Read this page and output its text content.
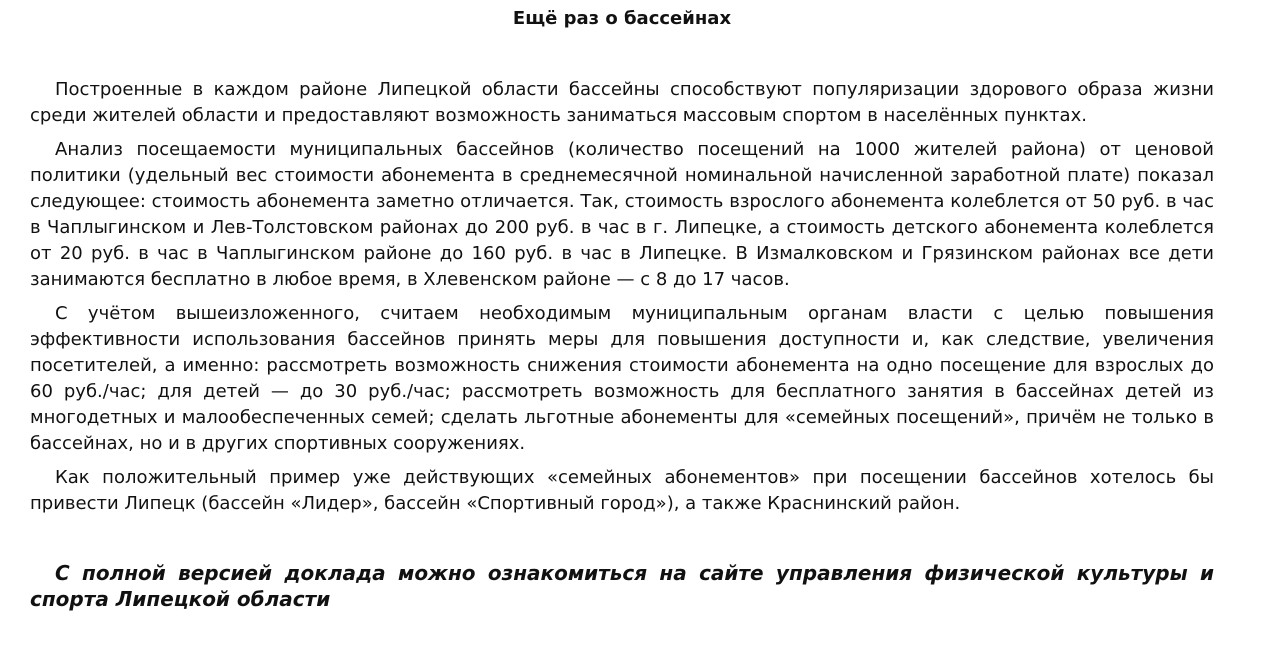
Ещё раз о бассейнах

Построенные в каждом районе Липецкой области бассейны способствуют популяризации здорового образа жизни среди жителей области и предоставляют возможность заниматься массовым спортом в населённых пунктах.

Анализ посещаемости муниципальных бассейнов (количество посещений на 1000 жителей района) от ценовой политики (удельный вес стоимости абонемента в среднемесячной номинальной начисленной заработной плате) показал следующее: стоимость абонемента заметно отличается. Так, стоимость взрослого абонемента колеблется от 50 руб. в час в Чаплыгинском и Лев-Толстовском районах до 200 руб. в час в г. Липецке, а стоимость детского абонемента колеблется от 20 руб. в час в Чаплыгинском районе до 160 руб. в час в Липецке. В Измалковском и Грязинском районах все дети занимаются бесплатно в любое время, в Хлевенском районе — с 8 до 17 часов.

С учётом вышеизложенного, считаем необходимым муниципальным органам власти с целью повышения эффективности использования бассейнов принять меры для повышения доступности и, как следствие, увеличения посетителей, а именно: рассмотреть возможность снижения стоимости абонемента на одно посещение для взрослых до 60 руб./час; для детей — до 30 руб./час; рассмотреть возможность для бесплатного занятия в бассейнах детей из многодетных и малообеспеченных семей; сделать льготные абонементы для «семейных посещений», причём не только в бассейнах, но и в других спортивных сооружениях.

Как положительный пример уже действующих «семейных абонементов» при посещении бассейнов хотелось бы привести Липецк (бассейн «Лидер», бассейн «Спортивный город»), а также Краснинский район.

С полной версией доклада можно ознакомиться на сайте управления физической культуры и спорта Липецкой области
